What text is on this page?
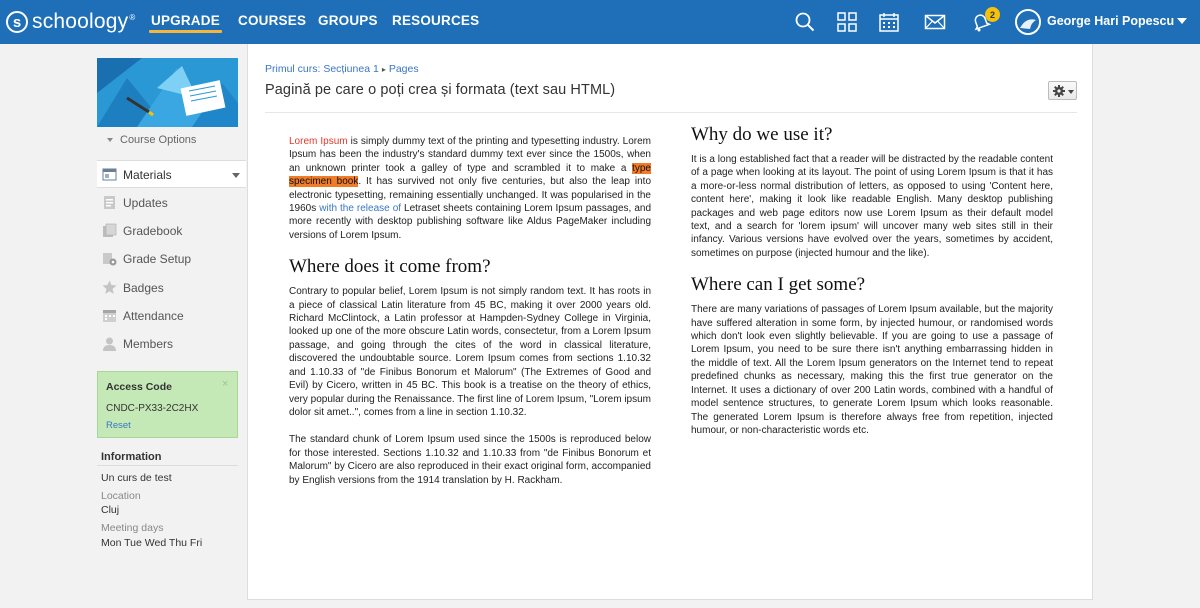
s schoology ® UPGRADE COURSES GROUPS RESOURCES	2	George Hari Popescu
Course Options
Materials
Updates
Gradebook
Grade Setup
Badges
Attendance
Members
Access Code	×
CNDC-PX33-2C2HX
Reset
Information
Un curs de test
Location
Cluj
Meeting days
Mon Tue Wed Thu Fri
Primul curs: Secțiunea 1 ▸ Pages
Pagină pe care o poți crea și formata (text sau HTML)

Lorem Ipsum is simply dummy text of the printing and typesetting industry. Lorem Ipsum has been the industry's standard dummy text ever since the 1500s, when an unknown printer took a galley of type and scrambled it to make a type specimen book. It has survived not only five centuries, but also the leap into electronic typesetting, remaining essentially unchanged. It was popularised in the 1960s with the release of Letraset sheets containing Lorem Ipsum passages, and more recently with desktop publishing software like Aldus PageMaker including versions of Lorem Ipsum.

Where does it come from?

Contrary to popular belief, Lorem Ipsum is not simply random text. It has roots in a piece of classical Latin literature from 45 BC, making it over 2000 years old. Richard McClintock, a Latin professor at Hampden-Sydney College in Virginia, looked up one of the more obscure Latin words, consectetur, from a Lorem Ipsum passage, and going through the cites of the word in classical literature, discovered the undoubtable source. Lorem Ipsum comes from sections 1.10.32 and 1.10.33 of "de Finibus Bonorum et Malorum" (The Extremes of Good and Evil) by Cicero, written in 45 BC. This book is a treatise on the theory of ethics, very popular during the Renaissance. The first line of Lorem Ipsum, "Lorem ipsum dolor sit amet..", comes from a line in section 1.10.32.

The standard chunk of Lorem Ipsum used since the 1500s is reproduced below for those interested. Sections 1.10.32 and 1.10.33 from "de Finibus Bonorum et Malorum" by Cicero are also reproduced in their exact original form, accompanied by English versions from the 1914 translation by H. Rackham.

Why do we use it?

It is a long established fact that a reader will be distracted by the readable content of a page when looking at its layout. The point of using Lorem Ipsum is that it has a more-or-less normal distribution of letters, as opposed to using 'Content here, content here', making it look like readable English. Many desktop publishing packages and web page editors now use Lorem Ipsum as their default model text, and a search for 'lorem ipsum' will uncover many web sites still in their infancy. Various versions have evolved over the years, sometimes by accident, sometimes on purpose (injected humour and the like).

Where can I get some?

There are many variations of passages of Lorem Ipsum available, but the majority have suffered alteration in some form, by injected humour, or randomised words which don't look even slightly believable. If you are going to use a passage of Lorem Ipsum, you need to be sure there isn't anything embarrassing hidden in the middle of text. All the Lorem Ipsum generators on the Internet tend to repeat predefined chunks as necessary, making this the first true generator on the Internet. It uses a dictionary of over 200 Latin words, combined with a handful of model sentence structures, to generate Lorem Ipsum which looks reasonable. The generated Lorem Ipsum is therefore always free from repetition, injected humour, or non-characteristic words etc.
